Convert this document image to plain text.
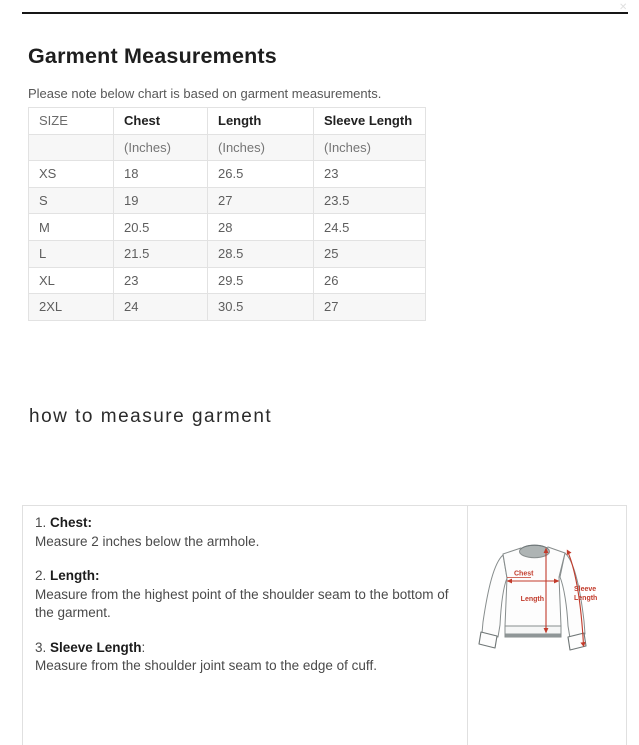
✕
Garment Measurements

Please note below chart is based on garment measurements.

SIZE	Chest	Length	Sleeve Length
	(Inches)	(Inches)	(Inches)
XS	18	26.5	23
S	19	27	23.5
M	20.5	28	24.5
L	21.5	28.5	25
XL	23	29.5	26
2XL	24	30.5	27
how to measure garment

1. Chest:

Measure 2 inches below the armhole.

2. Length:

Measure from the highest point of the shoulder seam to the bottom of the garment.

3. Sleeve Length:

Measure from the shoulder joint seam to the edge of cuff.

Chest
Length
Sleeve
Length
